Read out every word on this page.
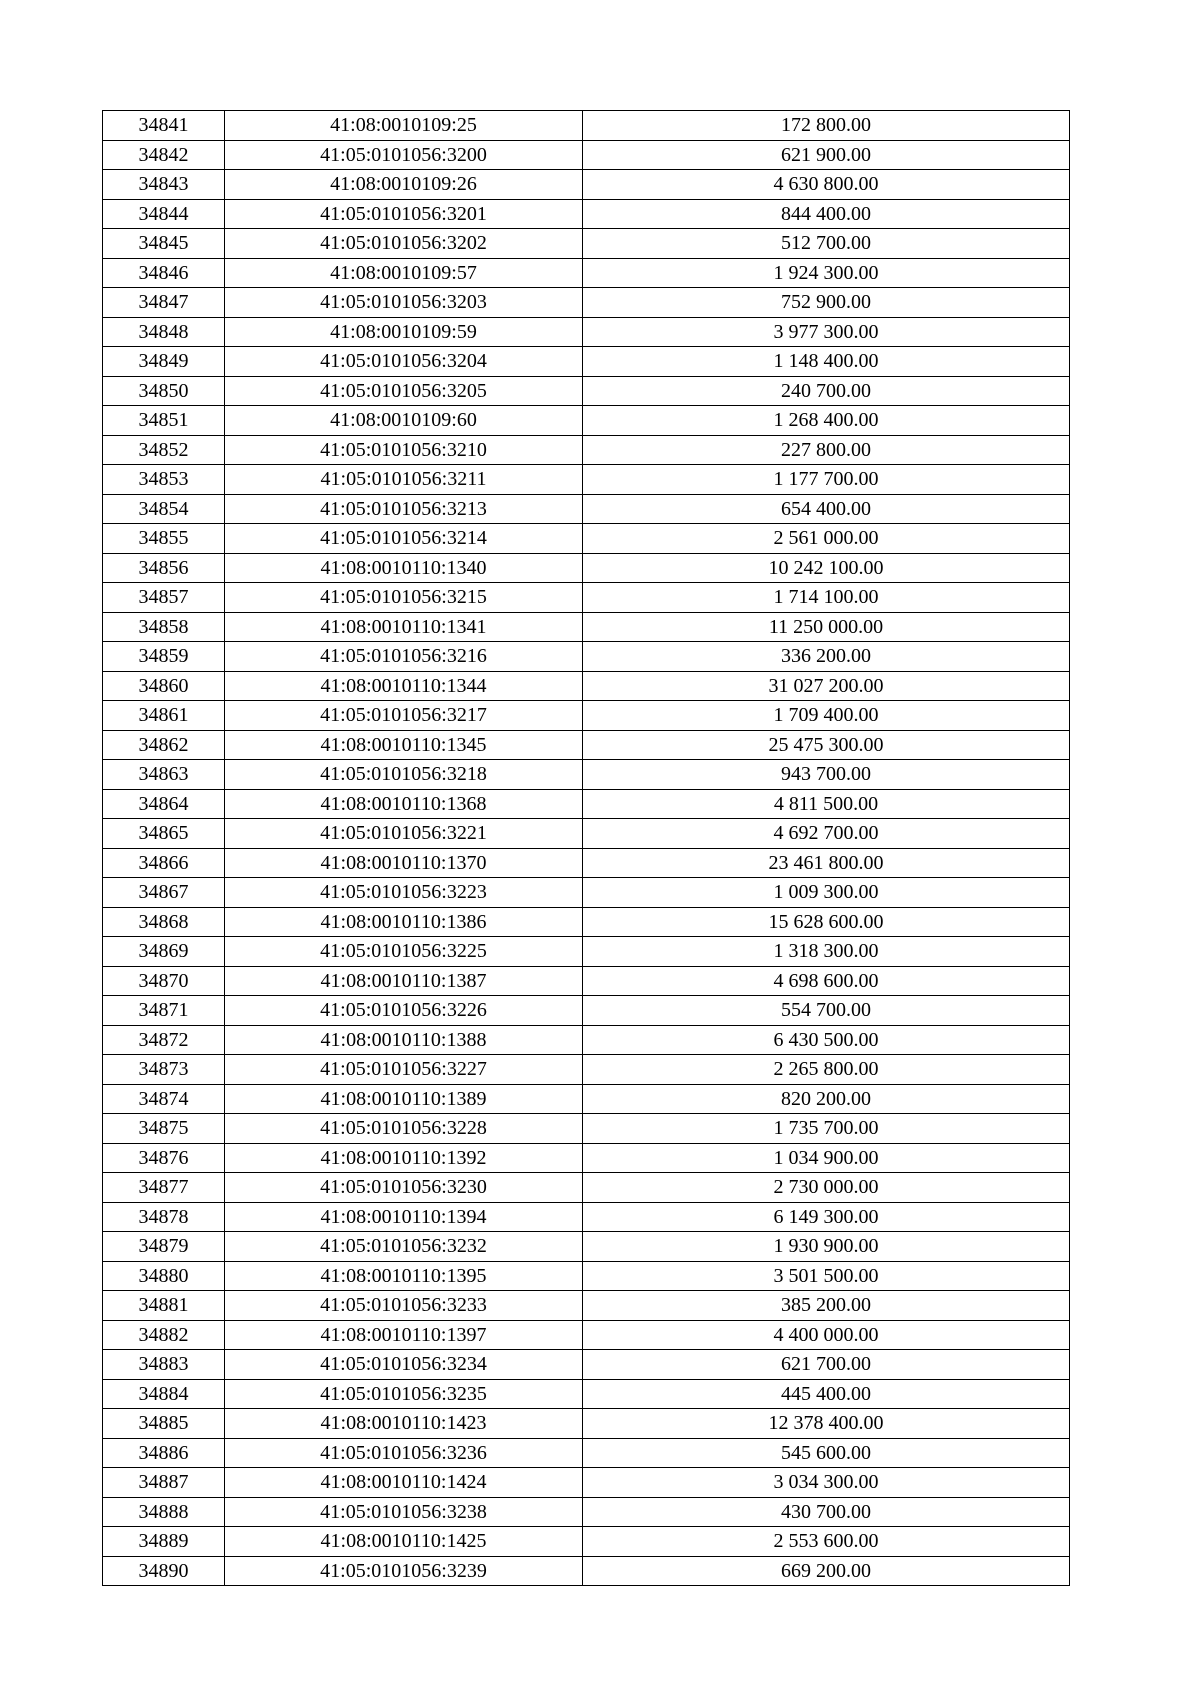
34841	41:08:0010109:25	172 800.00
34842	41:05:0101056:3200	621 900.00
34843	41:08:0010109:26	4 630 800.00
34844	41:05:0101056:3201	844 400.00
34845	41:05:0101056:3202	512 700.00
34846	41:08:0010109:57	1 924 300.00
34847	41:05:0101056:3203	752 900.00
34848	41:08:0010109:59	3 977 300.00
34849	41:05:0101056:3204	1 148 400.00
34850	41:05:0101056:3205	240 700.00
34851	41:08:0010109:60	1 268 400.00
34852	41:05:0101056:3210	227 800.00
34853	41:05:0101056:3211	1 177 700.00
34854	41:05:0101056:3213	654 400.00
34855	41:05:0101056:3214	2 561 000.00
34856	41:08:0010110:1340	10 242 100.00
34857	41:05:0101056:3215	1 714 100.00
34858	41:08:0010110:1341	11 250 000.00
34859	41:05:0101056:3216	336 200.00
34860	41:08:0010110:1344	31 027 200.00
34861	41:05:0101056:3217	1 709 400.00
34862	41:08:0010110:1345	25 475 300.00
34863	41:05:0101056:3218	943 700.00
34864	41:08:0010110:1368	4 811 500.00
34865	41:05:0101056:3221	4 692 700.00
34866	41:08:0010110:1370	23 461 800.00
34867	41:05:0101056:3223	1 009 300.00
34868	41:08:0010110:1386	15 628 600.00
34869	41:05:0101056:3225	1 318 300.00
34870	41:08:0010110:1387	4 698 600.00
34871	41:05:0101056:3226	554 700.00
34872	41:08:0010110:1388	6 430 500.00
34873	41:05:0101056:3227	2 265 800.00
34874	41:08:0010110:1389	820 200.00
34875	41:05:0101056:3228	1 735 700.00
34876	41:08:0010110:1392	1 034 900.00
34877	41:05:0101056:3230	2 730 000.00
34878	41:08:0010110:1394	6 149 300.00
34879	41:05:0101056:3232	1 930 900.00
34880	41:08:0010110:1395	3 501 500.00
34881	41:05:0101056:3233	385 200.00
34882	41:08:0010110:1397	4 400 000.00
34883	41:05:0101056:3234	621 700.00
34884	41:05:0101056:3235	445 400.00
34885	41:08:0010110:1423	12 378 400.00
34886	41:05:0101056:3236	545 600.00
34887	41:08:0010110:1424	3 034 300.00
34888	41:05:0101056:3238	430 700.00
34889	41:08:0010110:1425	2 553 600.00
34890	41:05:0101056:3239	669 200.00
